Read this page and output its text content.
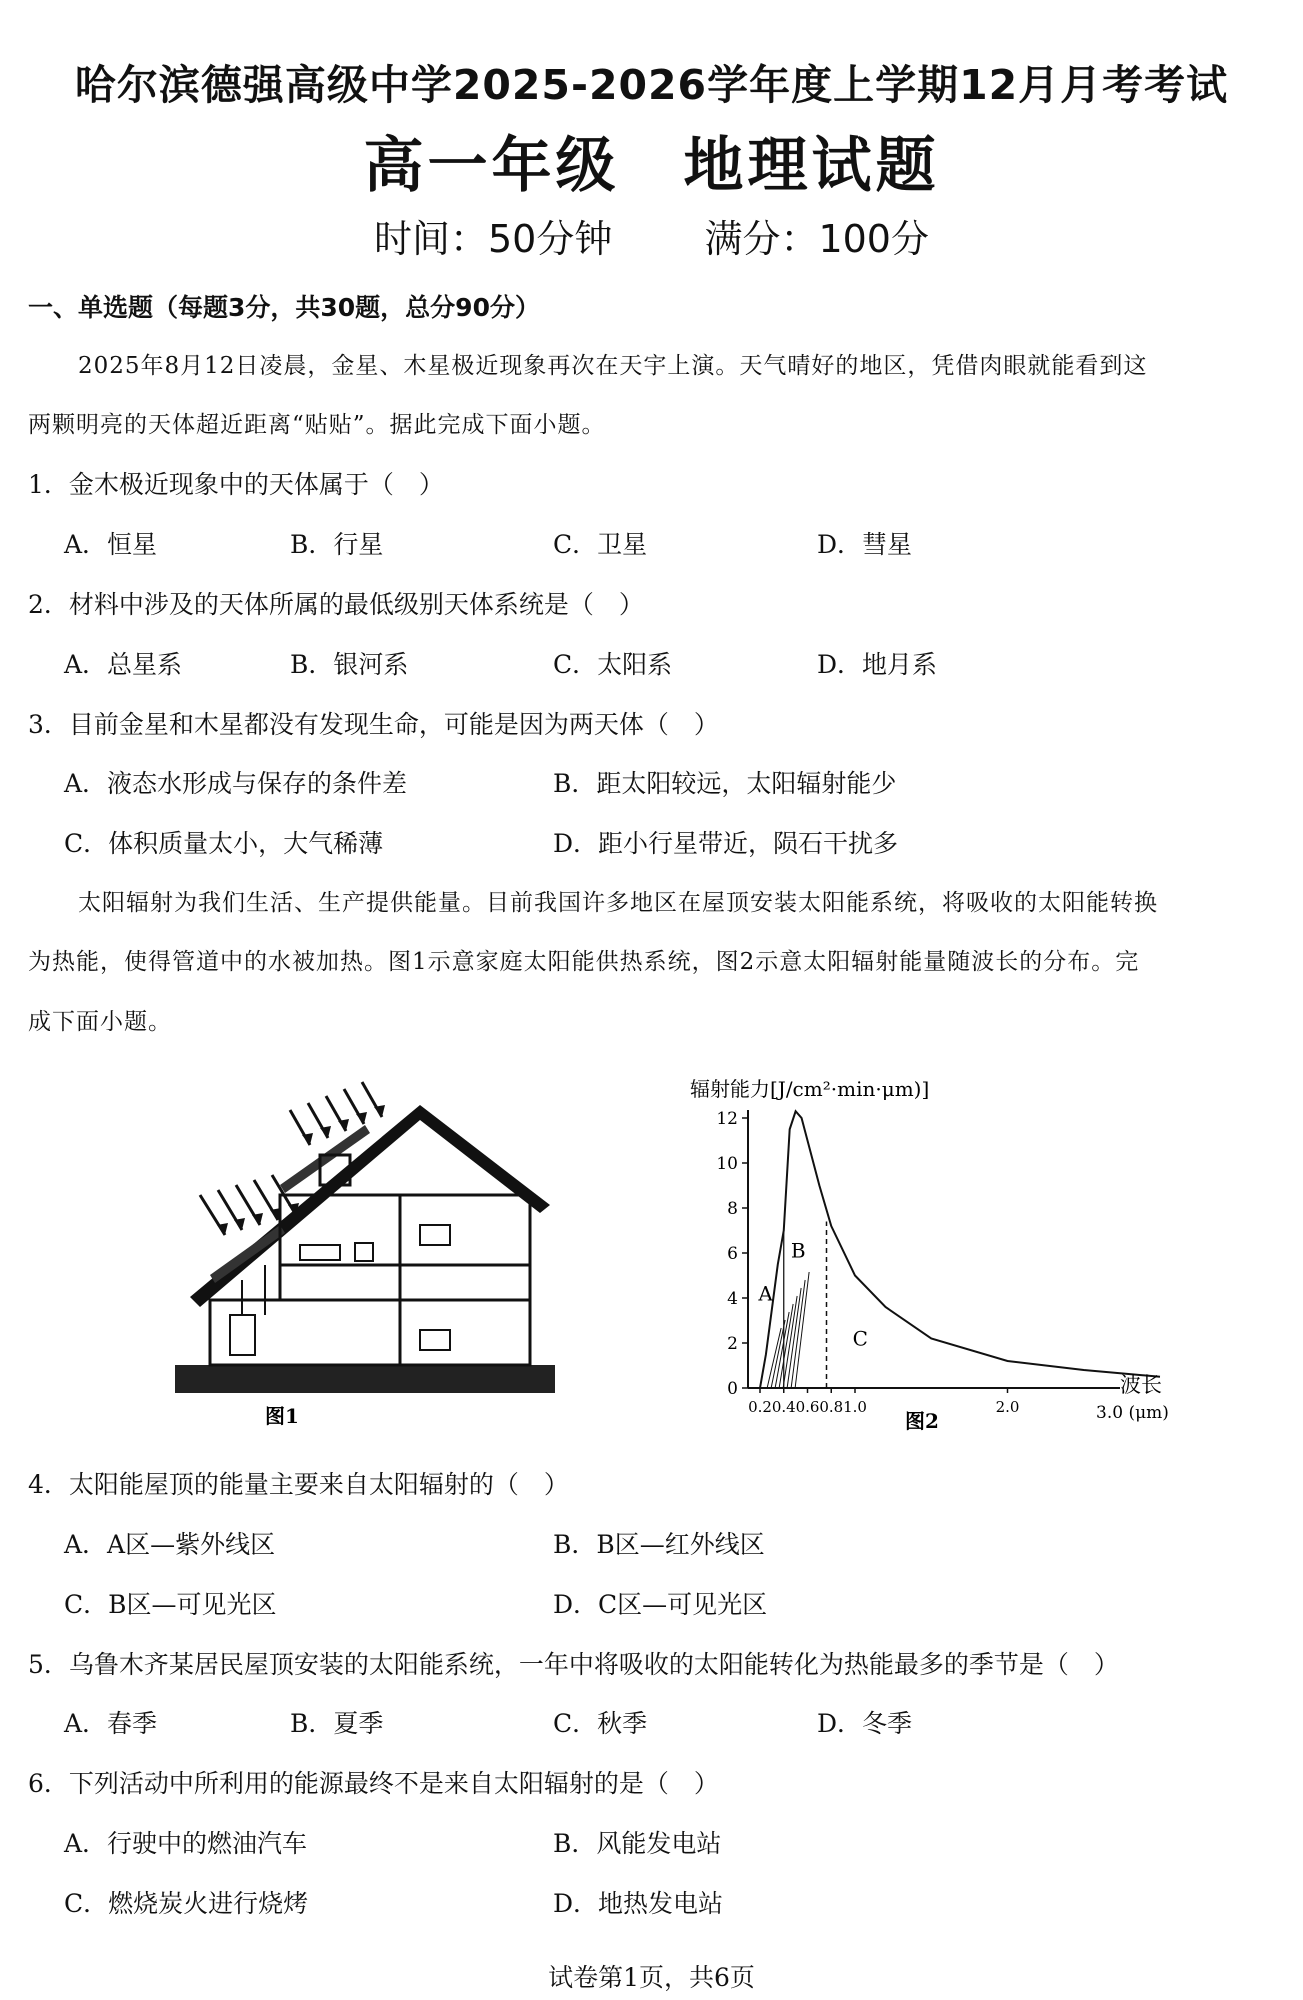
哈尔滨德强高级中学2025-2026学年度上学期12月月考考试
高一年级　地理试题
时间：50分钟 满分：100分
一、单选题（每题3分，共30题，总分90分）
2025年8月12日凌晨，金星、木星极近现象再次在天宇上演。天气晴好的地区，凭借肉眼就能看到这
两颗明亮的天体超近距离“贴贴”。据此完成下面小题。
1．金木极近现象中的天体属于（　）
A．恒星	B．行星	C．卫星	D．彗星
2．材料中涉及的天体所属的最低级别天体系统是（　）
A．总星系	B．银河系	C．太阳系	D．地月系
3．目前金星和木星都没有发现生命，可能是因为两天体（　）
A．液态水形成与保存的条件差	B．距太阳较远，太阳辐射能少
C．体积质量太小，大气稀薄	D．距小行星带近，陨石干扰多
太阳辐射为我们生活、生产提供能量。目前我国许多地区在屋顶安装太阳能系统，将吸收的太阳能转换
为热能，使得管道中的水被加热。图1示意家庭太阳能供热系统，图2示意太阳辐射能量随波长的分布。完
成下面小题。
图1
辐射能力[J/cm²·min·μm)]
0
2
4
6
8
10
12
0.2 0.4 0.6 0.8 1.0	2.0
A
B
C
波长
3.0 (μm)
图2
4．太阳能屋顶的能量主要来自太阳辐射的（　）
A．A区—紫外线区	B．B区—红外线区
C．B区—可见光区	D．C区—可见光区
5．乌鲁木齐某居民屋顶安装的太阳能系统，一年中将吸收的太阳能转化为热能最多的季节是（　）
A．春季	B．夏季	C．秋季	D．冬季
6．下列活动中所利用的能源最终不是来自太阳辐射的是（　）
A．行驶中的燃油汽车	B．风能发电站
C．燃烧炭火进行烧烤	D．地热发电站
试卷第1页，共6页
